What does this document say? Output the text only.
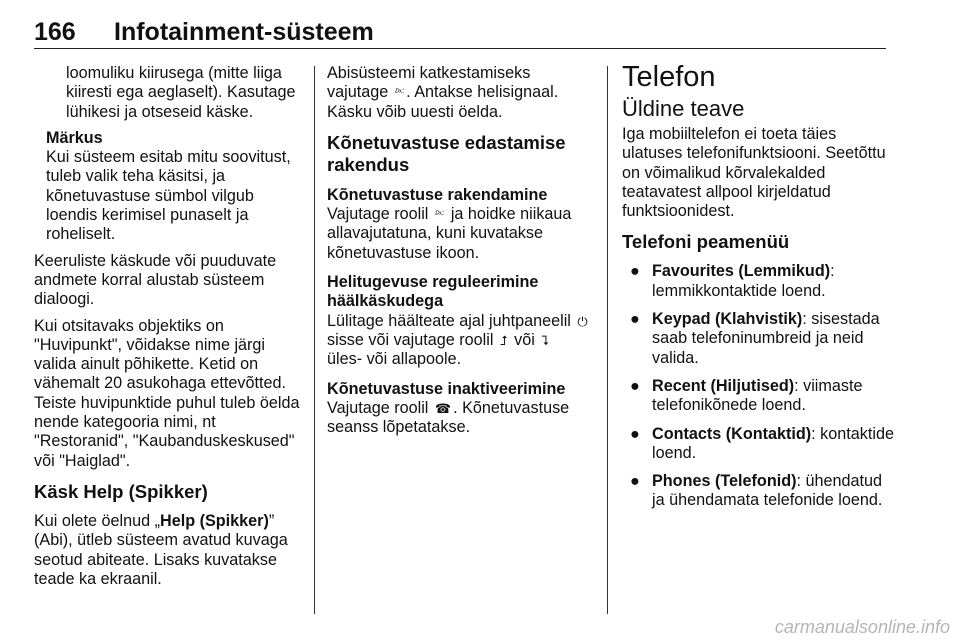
166 Infotainment-süsteem

loomuliku kiirusega (mitte liiga
kiiresti ega aeglaselt). Kasutage
lühikesi ja otseseid käske.

Märkus

Kui süsteem esitab mitu soovitust,
tuleb valik teha käsitsi, ja
kõnetuvastuse sümbol vilgub
loendis kerimisel punaselt ja
roheliselt.

Keeruliste käskude või puuduvate
andmete korral alustab süsteem
dialoogi.

Kui otsitavaks objektiks on
"Huvipunkt", võidakse nime järgi
valida ainult põhikette. Ketid on
vähemalt 20 asukohaga ettevõtted.
Teiste huvipunktide puhul tuleb öelda
nende kategooria nimi, nt
"Restoranid", "Kaubanduskeskused"
või "Haiglad".

Käsk Help (Spikker)

Kui olete öelnud „Help (Spikker)”
(Abi), ütleb süsteem avatud kuvaga
seotud abiteate. Lisaks kuvatakse
teade ka ekraanil.

Abisüsteemi katkestamiseks
vajutage 𝄊 . Antakse helisignaal.
Käsku võib uuesti öelda.

Kõnetuvastuse edastamise
rakendus
Kõnetuvastuse rakendamine

Vajutage roolil 𝄊 ja hoidke niikaua
allavajutatuna, kuni kuvatakse
kõnetuvastuse ikoon.

Helitugevuse reguleerimine
häälkäskudega

Lülitage häälteate ajal juhtpaneelil ⏻
sisse või vajutage roolil ⮥ või ⮧
üles- või allapoole.

Kõnetuvastuse inaktiveerimine

Vajutage roolil ☎ . Kõnetuvastuse
seanss lõpetatakse.

Telefon
Üldine teave

Iga mobiiltelefon ei toeta täies
ulatuses telefonifunktsiooni. Seetõttu
on võimalikud kõrvalekalded
teatavatest allpool kirjeldatud
funktsioonidest.

Telefoni peamenüü
● Favourites (Lemmikud):
lemmikkontaktide loend.
● Keypad (Klahvistik): sisestada
saab telefoninumbreid ja neid
valida.
● Recent (Hiljutised): viimaste
telefonikõnede loend.
● Contacts (Kontaktid): kontaktide
loend.
● Phones (Telefonid): ühendatud
ja ühendamata telefonide loend.
carmanualsonline.info
